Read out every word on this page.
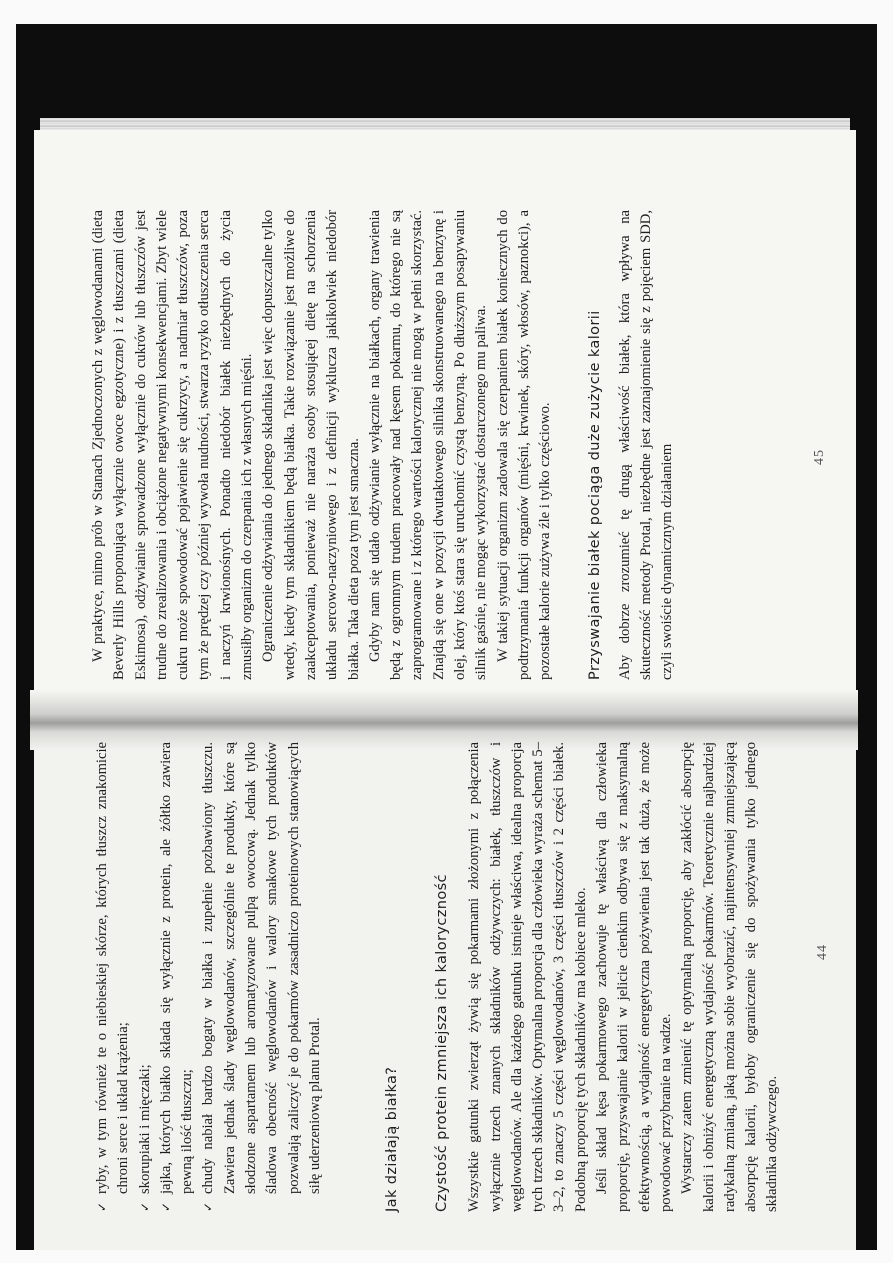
✓ryby, w tym również te o niebieskiej skórze, których tłuszcz znakomicie chroni serce i układ krążenia;
✓skorupiaki i mięczaki;
✓jajka, których białko składa się wyłącznie z protein, ale żółtko zawiera pewną ilość tłuszczu;
✓chudy nabiał bardzo bogaty w białka i zupełnie pozbawiony tłuszczu. Zawiera jednak ślady węglowodanów, szczególnie te produkty, które są słodzone aspartamem lub aromatyzowane pulpą owocową. Jednak tylko śladowa obecność węglowodanów i walory smakowe tych produktów pozwalają zaliczyć je do pokarmów zasadniczo proteinowych stanowiących siłę uderzeniową planu Protal.	Jak działają białka? Czystość protein zmniejsza ich kaloryczność Wszystkie gatunki zwierząt żywią się pokarmami złożonymi z połączenia wyłącznie trzech znanych składników odżywczych: białek, tłuszczów i węglowodanów. Ale dla każdego gatunku istnieje właściwa, idealna proporcja tych trzech składników. Optymalna proporcja dla człowieka wyraża schemat 5–3–2, to znaczy 5 części węglowodanów, 3 części tłuszczów i 2 części białek. Podobną proporcję tych składników ma kobiece mleko. Jeśli skład kęsa pokarmowego zachowuje tę właściwą dla człowieka proporcję, przyswajanie kalorii w jelicie cienkim odbywa się z maksymalną efektywnością, a wydajność energetyczna pożywienia jest tak duża, że może powodować przybranie na wadze. Wystarczy zatem zmienić tę optymalną proporcję, aby zakłócić absorpcję kalorii i obniżyć energetyczną wydajność pokarmów. Teoretycznie najbardziej radykalną zmianą, jaką można sobie wyobrazić, najintensywniej zmniejszającą absorpcję kalorii, byłoby ograniczenie się do spożywania tylko jednego składnika odżywczego.

44

W praktyce, mimo prób w Stanach Zjednoczonych z węglowodanami (dieta Beverly Hills proponująca wyłącznie owoce egzotyczne) i z tłuszczami (dieta Eskimosa), odżywianie sprowadzone wyłącznie do cukrów lub tłuszczów jest trudne do zrealizowania i obciążone negatywnymi konsekwencjami. Zbyt wiele cukru może spowodować pojawienie się cukrzycy, a nadmiar tłuszczów, poza tym że prędzej czy później wywoła nudności, stwarza ryzyko otłuszczenia serca i naczyń krwionośnych. Ponadto niedobór białek niezbędnych do życia zmusiłby organizm do czerpania ich z własnych mięśni. Ograniczenie odżywiania do jednego składnika jest więc dopuszczalne tylko wtedy, kiedy tym składnikiem będą białka. Takie rozwiązanie jest możliwe do zaakceptowania, ponieważ nie naraża osoby stosującej dietę na schorzenia układu sercowo-naczyniowego i z definicji wyklucza jakikolwiek niedobór białka. Taka dieta poza tym jest smaczna. Gdyby nam się udało odżywianie wyłącznie na białkach, organy trawienia będą z ogromnym trudem pracowały nad kęsem pokarmu, do którego nie są zaprogramowane i z którego wartości kalorycznej nie mogą w pełni skorzystać. Znajdą się one w pozycji dwutaktowego silnika skonstruowanego na benzynę i olej, który ktoś stara się uruchomić czystą benzyną. Po dłuższym posapywaniu silnik gaśnie, nie mogąc wykorzystać dostarczonego mu paliwa. W takiej sytuacji organizm zadowala się czerpaniem białek koniecznych do podtrzymania funkcji organów (mięśni, krwinek, skóry, włosów, paznokci), a pozostałe kalorie zużywa źle i tylko częściowo. Przyswajanie białek pociąga duże zużycie kalorii Aby dobrze zrozumieć tę drugą właściwość białek, która wpływa na skuteczność metody Protal, niezbędne jest zaznajomienie się z pojęciem SDD, czyli swoiście dynamicznym działaniem	45
